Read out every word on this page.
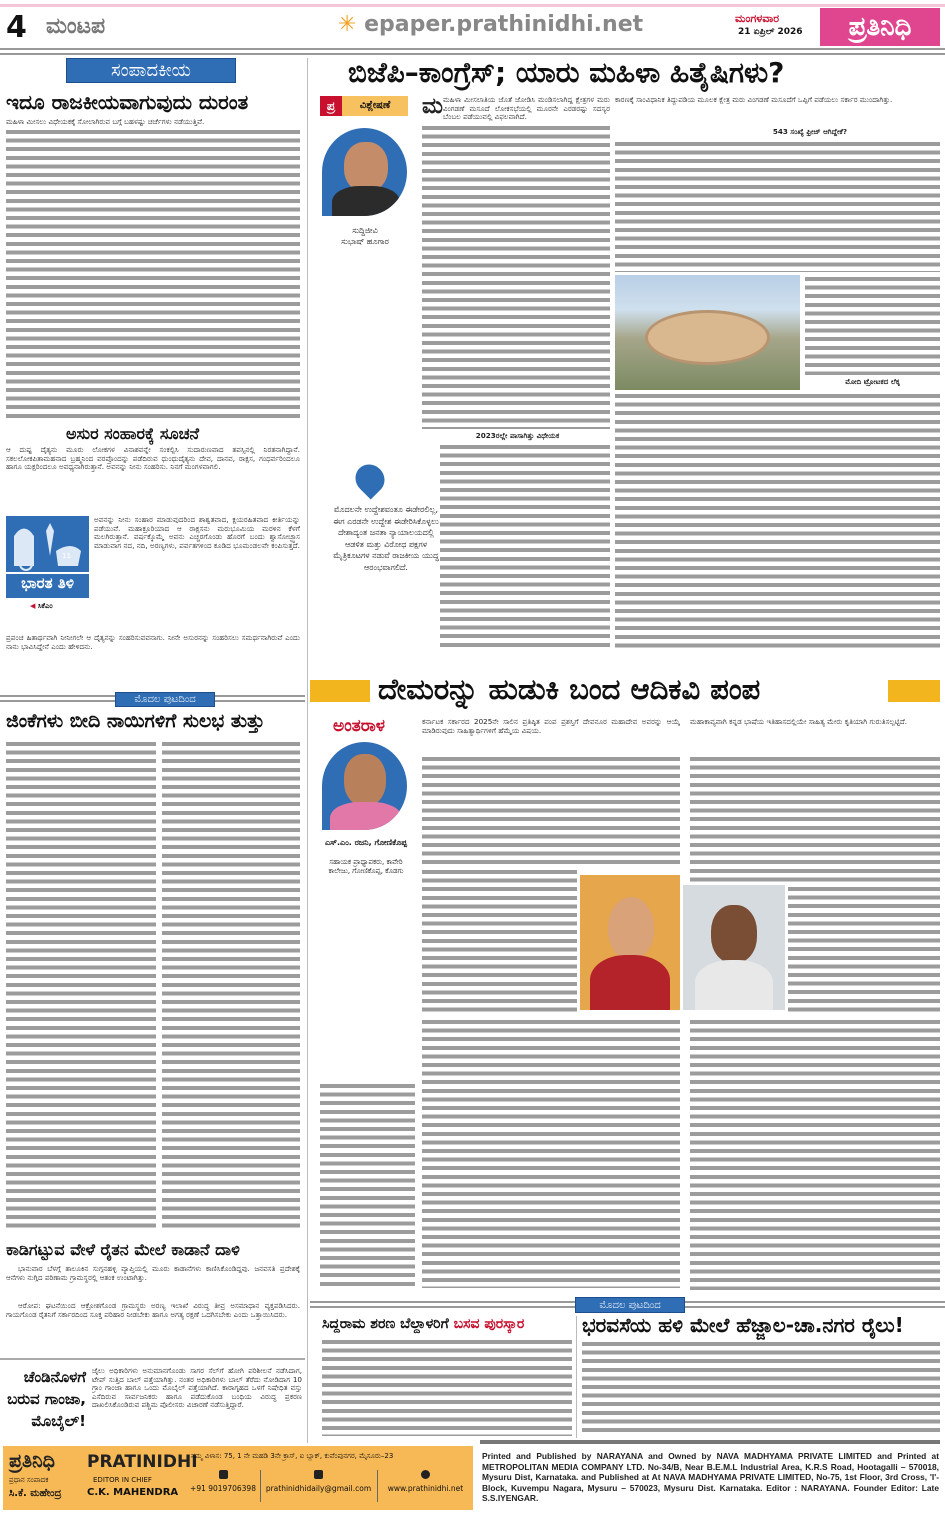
4 ಮಂಟಪ	✳ epaper.prathinidhi.net	ಮಂಗಳವಾರ
21 ಏಪ್ರಿಲ್ 2026	ಪ್ರತಿನಿಧಿ
ಸಂಪಾದಕೀಯ
ಇದೂ ರಾಜಕೀಯವಾಗುವುದು ದುರಂತ
ಮಹಿಳಾ ಮೀಸಲು ವಿಧೇಯಕಕ್ಕೆ ಸೋಲಾಗಿರುವ ಬಗ್ಗೆ ಬಹಳಷ್ಟು ಚರ್ಚೆಗಳು ನಡೆಯುತ್ತಿವೆ.
ಅಸುರ ಸಂಹಾರಕ್ಕೆ ಸೂಚನೆ
ಆ ದುಷ್ಟ ದೈತ್ಯನು ಮೂರು ಲೋಕಗಳ ವಿನಾಶವನ್ನೇ ಸಂಕಲ್ಪಿಸಿ ಸುದಾರುಣವಾದ ತಪಸ್ಸಿನಲ್ಲಿ ನಿರತನಾಗಿದ್ದಾನೆ. ಸಕಲಲೋಕಪಿತಾಮಹನಾದ ಬ್ರಹ್ಮನಿಂದ ವರಪ್ರೊಂದನ್ನು ಪಡೆದಿರುವ ಧುಂಧುದೈತ್ಯನು ದೇವ, ದಾನವ, ರಾಕ್ಷಸ, ಗಂಧರ್ವರಿಂದಲೂ ಹಾಗೂ ಯಕ್ಷರಿಂದಲೂ ಅವಧ್ಯನಾಗಿರುತ್ತಾನೆ. ಅವನನ್ನು ನೀನು ಸಂಹರಿಸು. ನಿನಗೆ ಮಂಗಳವಾಗಲಿ.
11
ಭಾರತ ತಿಳಿ
◀ ಸಿಕೆಎಂ
ಅವನನ್ನು ನೀನು ಸಂಹಾರ ಮಾಡುವುದರಿಂದ ಶಾಶ್ವತವಾದ, ಕ್ಷಯರಹಿತವಾದ ಕೀರ್ತಿಯನ್ನು ಪಡೆಯುವೆ. ಮಹಾಕ್ರೂರಿಯಾದ ಆ ರಾಕ್ಷಸನು ಮರುಭೂಮಿಯ ಮರಳಿನ ಕೆಳಗೆ ಮಲಗಿರುತ್ತಾನೆ. ವರ್ಷಕ್ಕೊಮ್ಮೆ ಅವನು ಎಚ್ಚರಗೊಂಡು ಹೊರಗೆ ಬಂದು ಶ್ವಾಸೋಚ್ಛ್ವಾಸ ಮಾಡುವಾಗ ನದ, ನದಿ, ಅರಣ್ಯಗಳು, ಪರ್ವತಗಳಿಂದ ಕೂಡಿದ ಭೂಮಂಡಲವೇ ಕಂಪಿಸುತ್ತದೆ.
ಪ್ರಪಂಚ ಹಿತಾರ್ಥವಾಗಿ ನೀನೀಗಲೇ ಆ ದೈತ್ಯನನ್ನು ಸಂಹರಿಸುವವನಾಗು. ನೀನೇ ಅಸುರನನ್ನು ಸಂಹರಿಸಲು ಸಮರ್ಥನಾಗಿರುವೆ ಎಂದು ನಾನು ಭಾವಿಸಿದ್ದೇನೆ ಎಂದು ಹೇಳಿದನು.
ಮೊದಲ ಪುಟದಿಂದ
ಜಿಂಕೆಗಳು ಬೀದಿ ನಾಯಿಗಳಿಗೆ ಸುಲಭ ತುತ್ತು
ಕಾಡಿಗಟ್ಟುವ ವೇಳೆ ರೈತನ ಮೇಲೆ ಕಾಡಾನೆ ದಾಳಿ
ಭಾನುವಾರ ಬೆಳಗ್ಗೆ ತಾಲೂಕಿನ ಸುಗ್ಗನಹಳ್ಳಿ ವ್ಯಾಪ್ತಿಯಲ್ಲಿ ಮೂರು ಕಾಡಾನೆಗಳು ಕಾಣಿಸಿಕೊಂಡಿದ್ದವು. ಜನವಸತಿ ಪ್ರದೇಶಕ್ಕೆ ಆನೆಗಳು ನುಗ್ಗಿದ ಪರಿಣಾಮ ಗ್ರಾಮಸ್ಥರಲ್ಲಿ ಆತಂಕ ಉಂಟಾಗಿತ್ತು.
ಆರೋಪ: ಘಟನೆಯಿಂದ ಆಕ್ರೋಶಗೊಂಡ ಗ್ರಾಮಸ್ಥರು ಅರಣ್ಯ ಇಲಾಖೆ ವಿರುದ್ಧ ತೀವ್ರ ಅಸಮಾಧಾನ ವ್ಯಕ್ತಪಡಿಸಿದರು. ಗಾಯಗೊಂಡ ರೈತನಿಗೆ ಸರ್ಕಾರದಿಂದ ಸೂಕ್ತ ಪರಿಹಾರ ನೀಡಬೇಕು ಹಾಗೂ ಅಗತ್ಯ ರಕ್ಷಣೆ ಒದಗಿಸಬೇಕು ಎಂದು ಒತ್ತಾಯಿಸಿದರು.
ಚೆಂಡಿನೊಳಗೆ ಬರುವ ಗಾಂಜಾ, ಮೊಬೈಲ್!
ಜೈಲು ಅಧಿಕಾರಿಗಳು ಅನುಮಾನಗೊಂಡು ಸಾಗರ ಸೆಲ್‌ಗೆ ಹೋಗಿ ಪರಿಶೀಲನೆ ನಡೆಸಿದಾಗ, ಟೇಪ್ ಸುತ್ತಿದ ಬಾಲ್ ಪತ್ತೆಯಾಗಿತ್ತು. ನಂತರ ಅಧಿಕಾರಿಗಳು ಬಾಲ್ ತೆರೆದು ನೋಡಿದಾಗ 10 ಗ್ರಾಂ ಗಾಂಜಾ ಹಾಗೂ ಒಂದು ಮೊಬೈಲ್ ಪತ್ತೆಯಾಗಿದೆ. ಕಾರಾಗೃಹದ ಒಳಗೆ ನಿಷೇಧಿತ ವಸ್ತು ಎಸೆದಿರುವ ಸಾರ್ವಜನಿಕರು ಹಾಗೂ ಪಡೆದುಕೊಂಡ ಬಂಧಿಯ ವಿರುದ್ಧ ಪ್ರಕರಣ ದಾಖಲಿಸಿಕೊಂಡಿರುವ ಪಶ್ಚಿಮ ಪೊಲೀಸರು ವಿಚಾರಣೆ ನಡೆಸುತ್ತಿದ್ದಾರೆ.
ಬಿಜೆಪಿ–ಕಾಂಗ್ರೆಸ್; ಯಾರು ಮಹಿಳಾ ಹಿತೈಷಿಗಳು?
ಪ್ರ	ವಿಶ್ಲೇಷಣೆ
ಸುದ್ದಿಜೀವಿ
ಸುಭಾಷ್ ಹೂಗಾರ
ಮಮಹಿಳಾ ಮೀಸಲಾತಿಯ ಜೊತೆ ಜೋಡಿಸಿ ಮಂಡಿಸಲಾಗಿದ್ದ ಕ್ಷೇತ್ರಗಳ ಮರು ವಿಂಗಡಣೆ ಮಸೂದೆ ಲೋಕಸಭೆಯಲ್ಲಿ ಮೂರನೇ ಎರಡರಷ್ಟು ಸದಸ್ಯರ ಬೆಂಬಲ ಪಡೆಯುವಲ್ಲಿ ವಿಫಲವಾಗಿದೆ.
2023ರಲ್ಲೇ ಪಾಸಾಗಿತ್ತು ವಿಧೇಯಕ
ಮೊದಲನೇ ಉದ್ದೇಶವಂತೂ ಈಡೇರಲಿಲ್ಲ, ಈಗ ಎರಡನೇ ಉದ್ದೇಶ ಈಡೇರಿಸಿಕೊಳ್ಳಲು ದೇಶಾದ್ಯಂತ ಜನತಾ ನ್ಯಾಯಾಲಯದಲ್ಲಿ ಆಡಳಿತ ಮತ್ತು ವಿರೋಧ ಪಕ್ಷಗಳ ಮೈತ್ರಿಕೂಟಗಳ ನಡುವೆ ರಾಜಕೀಯ ಯುದ್ಧ ಆರಂಭವಾಗಲಿದೆ.
ಕಾರಣಕ್ಕೆ ಸಾಂವಿಧಾನಿಕ ತಿದ್ದುಪಡಿಯ ಮೂಲಕ ಕ್ಷೇತ್ರ ಮರು ವಿಂಗಡಣೆ ಮಸೂದೆಗೆ ಒಪ್ಪಿಗೆ ಪಡೆಯಲು ಸರ್ಕಾರ ಮುಂದಾಗಿತ್ತು.
543 ಸಂಖ್ಯೆ ಫ್ರೀಜ್ ಆಗಿದ್ದೇಕೆ?
ಮೋದಿ ಟ್ರೋಟಕದ ಲೆಕ್ಕ
ದೇಮರನ್ನು ಹುಡುಕಿ ಬಂದ ಆದಿಕವಿ ಪಂಪ
ಅಂತರಾಳ
ಎಸ್.ಎಂ. ರಜನಿ, ಗೋಣಿಕೊಪ್ಪ
ಸಹಾಯಕ ಪ್ರಾಧ್ಯಾಪಕರು, ಕಾವೇರಿ ಕಾಲೇಜು, ಗೋಣಿಕೊಪ್ಪ, ಕೊಡಗು
ಕರ್ನಾಟಕ ಸರ್ಕಾರದ 2025ನೇ ಸಾಲಿನ ಪ್ರತಿಷ್ಠಿತ ಪಂಪ ಪ್ರಶಸ್ತಿಗೆ ದೇವನೂರ ಮಹಾದೇವ ಅವರನ್ನು ಆಯ್ಕೆ ಮಾಡಿರುವುದು ಸಾಹಿತ್ಯಾರ್ಥಿಗಳಿಗೆ ಹೆಮ್ಮೆಯ ವಿಷಯ.
ಮಹಾಕಾವ್ಯವಾಗಿ ಕನ್ನಡ ಭಾಷೆಯ ಇತಿಹಾಸದಲ್ಲಿಯೇ ಸಾಹಿತ್ಯ ಮೇರು ಕೃತಿಯಾಗಿ ಗುರುತಿಸಲ್ಪಟ್ಟಿದೆ.
ಮೊದಲ ಪುಟದಿಂದ
ಸಿದ್ದರಾಮ ಶರಣ ಬೆಲ್ದಾಳರಿಗೆ ಬಸವ ಪುರಸ್ಕಾರ	ಭರವಸೆಯ ಹಳಿ ಮೇಲೆ ಹೆಜ್ಜಾಲ-ಚಾ.ನಗರ ರೈಲು!
ಪ್ರತಿನಿಧಿ PRATINIDHI
ಪ್ರಧಾನ ಸಂಪಾದಕ
ಸಿ.ಕೆ. ಮಹೇಂದ್ರ
EDITOR IN CHIEF
C.K. MAHENDRA
ನಮ್ಮ ವಿಳಾಸ: 75, 1 ನೇ ಮಹಡಿ 3ನೇ ಕ್ರಾಸ್, ಐ ಬ್ಲಾಕ್, ಕುವೆಂಪುನಗರ, ಮೈಸೂರು–23
+91 9019706398	prathinidhidaily@gmail.com	www.prathinidhi.net
Printed and Published by NARAYANA and Owned by NAVA MADHYAMA PRIVATE LIMITED and Printed at METROPOLITAN MEDIA COMPANY LTD. No-34/B, Near B.E.M.L Industrial Area, K.R.S Road, Hootagalli – 570018, Mysuru Dist, Karnataka. and Published at At NAVA MADHYAMA PRIVATE LIMITED, No-75, 1st Floor, 3rd Cross, 'I'- Block, Kuvempu Nagara, Mysuru – 570023, Mysuru Dist. Karnataka. Editor : NARAYANA. Founder Editor: Late S.S.IYENGAR.
